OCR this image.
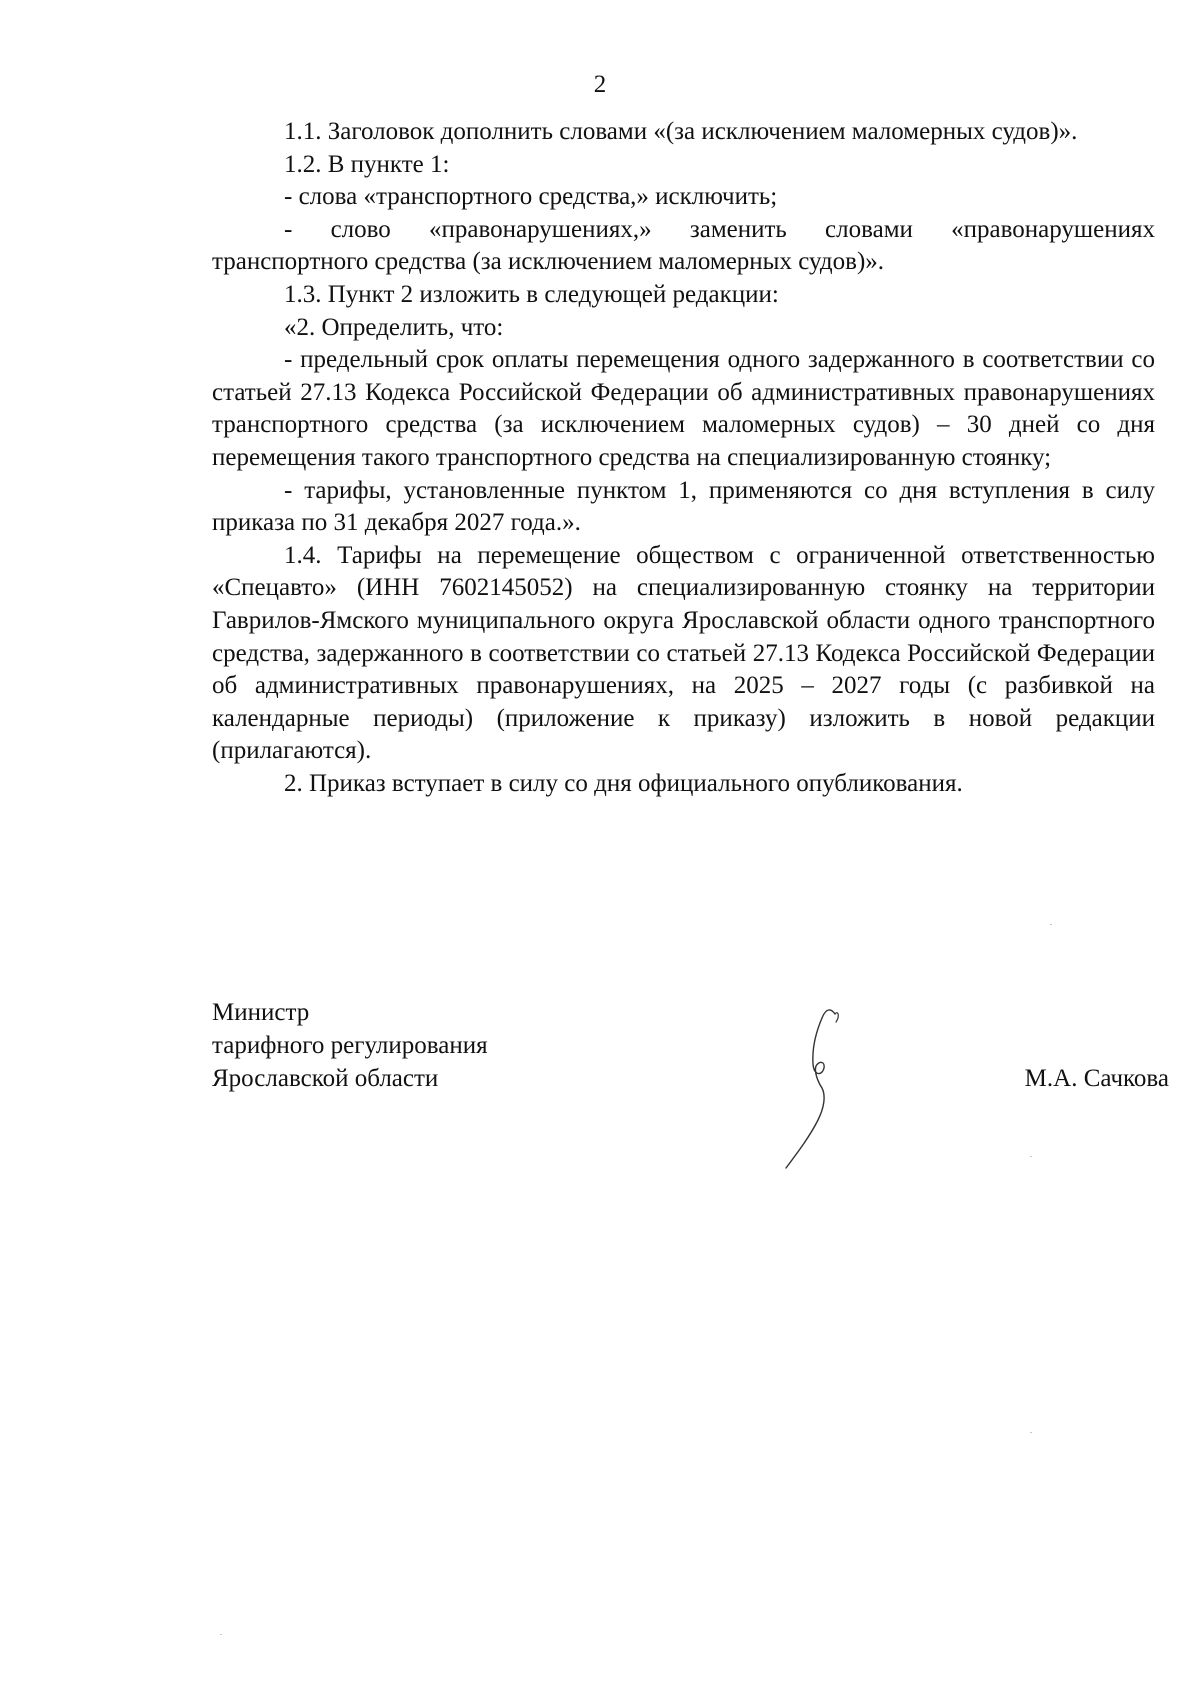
2

1.1. Заголовок дополнить словами «(за исключением маломерных судов)».

1.2. В пункте 1:

- слова «транспортного средства,» исключить;

- слово «правонарушениях,» заменить словами «правонарушениях транспортного средства (за исключением маломерных судов)».

1.3. Пункт 2 изложить в следующей редакции:

«2. Определить, что:

- предельный срок оплаты перемещения одного задержанного в соответствии со статьей 27.13 Кодекса Российской Федерации об административных правонарушениях транспортного средства (за исключением маломерных судов) – 30 дней со дня перемещения такого транспортного средства на специализированную стоянку;

- тарифы, установленные пунктом 1, применяются со дня вступления в силу приказа по 31 декабря 2027 года.».

1.4. Тарифы на перемещение обществом с ограниченной ответственностью «Спецавто» (ИНН 7602145052) на специализированную стоянку на территории Гаврилов-Ямского муниципального округа Ярославской области одного транспортного средства, задержанного в соответствии со статьей 27.13 Кодекса Российской Федерации об административных правонарушениях, на 2025 – 2027 годы (с разбивкой на календарные периоды) (приложение к приказу) изложить в новой редакции (прилагаются).

2. Приказ вступает в силу со дня официального опубликования.

Министр
тарифного регулирования
Ярославской области	М.А. Сачкова
